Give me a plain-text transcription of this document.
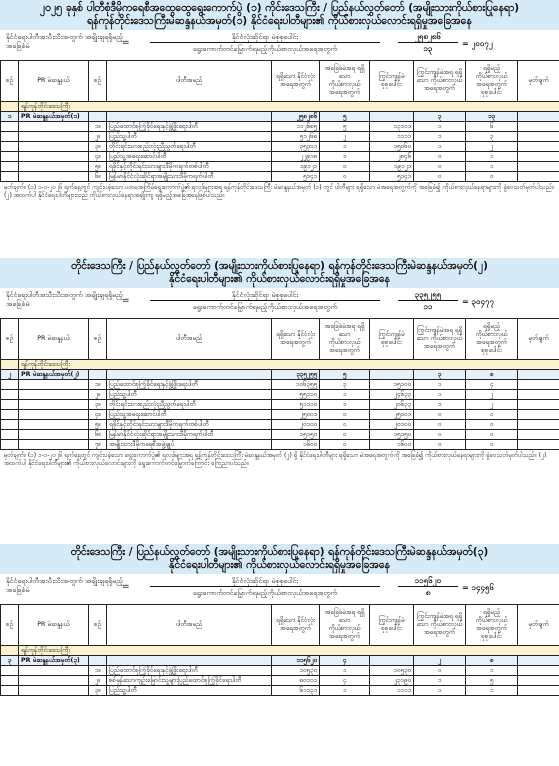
၂၀၂၅ ခုနှစ် ပါတီစုံဒီမိုကရေစီအထွေထွေရွေးကောက်ပွဲ (၁) ကိုင်းဒေသကြီး / ပြည်နယ်လွှတ်တော် (အမျိုးသားကိုယ်စားပြုနေရာ)
ရန်ကုန်တိုင်းဒေသကြီးမဲဆန္ဒနယ်အမှတ်(၁) နိုင်ငံရေးပါတီများ၏ ကိုယ်စားလှယ်လောင်းရရှိမှုအခြေအနေ
နိုင်ငံရေးပါတီအသီးသီးအတွက် အချိုးချရရှိမည့်အခြေခံမဲ	=
နိုင်ငံလုံးဆိုင်ရာ မဲစုစုပေါင်း
ရွေးကောက်တင်မြှောက်ရမည့်ကိုယ်စားလှယ်အရေအတွက်
၂၅၈၂၈၆
၁၃
= ၂၀၀၇၂
စဉ်	PR မဲဆန္ဒနယ်	စဉ်	ပါတီအမည်	ရရှိသော နိုင်ငံလုံး အရေအတွက်	အခြေခံမဲအရ ရရှိသော ကိုယ်စားလှယ် အရေအတွက်	ကြွင်းကျန်မဲ စုစုပေါင်း	ကြွင်းကျန်မဲအရ ရရှိသော ကိုယ်စားလှယ် အရေအတွက်	ရရှိမည့် ကိုယ်စားလှယ် အရေအတွက် စုစုပေါင်း	မှတ်ချက်
	ရန်ကုန်တိုင်းဒေသကြီး								
၁	PR မဲဆန္ဒနယ်အမှတ်(၁)			၂၅၈၂၈၆	၅		၃	၁၃	
		၁။	ပြည်ထောင်စုကြံ့ခိုင်ရေးနှင့်ဖွံ့ဖြိုးရေးပါတီ	၁၁၂၆၈၅	၅	၁၃၁၁၁	၁	၆	
		၂။	ပြည်သူ့ပါတီ	၅၁၂၆၈	၂	၁၁၁၁	၁	၃	
		၃။	တိုင်းရင်းသားစည်းလုံးညီညွတ်ရေးပါတီ	၃၅၃၁၁	၁	၁၅၀၆၀	၁	၂	
		၄။	ပြည်သူ့အရေးဆောင်ပါတီ	၂၂၉၁၈	၁	၂၈၄၆	၀	၁	
		၅။	ရခိုင်နှင့်တိုင်းရင်းသားများဒီမိုကရက်တစ်ပါတီ	၁၉၁၂၁	၀	၁၉၁၂၁	၀	၁	
		၆။	မြန်မာနိုင်ငံလုံးဆိုင်ရာအမျိုးသားဒီမိုကရက်ပါတီ	၅၁၄၁	၀	၅၁၄၁	၀	၀	
မှတ်ချက်။ (၁) ၁-၁-၂၀၂၆ ရက်နေ့တွင် ကျင်းပခဲ့သော ပထမအကြိမ်ရွေးကောက်ပွဲ၏ ရလဒ်များအရ ရန်ကုန်တိုင်းဒေသကြီး မဲဆန္ဒနယ်အမှတ် (၁) တွင် ပါတီများ ရရှိသော မဲအရေအတွက်ကို အခြေခံ၍ ကိုယ်စားလှယ်နေရာများကို ခွဲဝေသတ်မှတ်ပါသည်။ (၂) အထက်ပါ နိုင်ငံရေးပါတီများသည် ကိုယ်စားလှယ်နေရာအချိုးကျ ရရှိမည့်အခြေအနေဖြစ်ပါသည်။
တိုင်းဒေသကြီး / ပြည်နယ်လွှတ်တော် (အမျိုးသားကိုယ်စားပြုနေရာ) ရန်ကုန်တိုင်းဒေသကြီးမဲဆန္ဒနယ်အမှတ်(၂)
နိုင်ငံရေးပါတီများ၏ ကိုယ်စားလှယ်လောင်းရရှိမှုအခြေအနေ
နိုင်ငံရေးပါတီအသီးသီးအတွက် အချိုးချရရှိမည့်အခြေခံမဲ	=
နိုင်ငံလုံးဆိုင်ရာ မဲစုစုပေါင်း
ရွေးကောက်တင်မြှောက်ရမည့်ကိုယ်စားလှယ်အရေအတွက်
၃၃၅၂၅၅
၁၁
= ၃၀၄၇၇
စဉ်	PR မဲဆန္ဒနယ်	စဉ်	ပါတီအမည်	ရရှိသော နိုင်ငံလုံး အရေအတွက်	အခြေခံမဲအရ ရရှိသော ကိုယ်စားလှယ် အရေအတွက်	ကြွင်းကျန်မဲ စုစုပေါင်း	ကြွင်းကျန်မဲအရ ရရှိသော ကိုယ်စားလှယ် အရေအတွက်	ရရှိမည့် ကိုယ်စားလှယ် အရေအတွက် စုစုပေါင်း	မှတ်ချက်
	ရန်ကုန်တိုင်းဒေသကြီး								
၂	PR မဲဆန္ဒနယ်အမှတ်(၂)			၃၃၅၂၅၅	၅		၃	၈	
		၁။	ပြည်ထောင်စုကြံ့ခိုင်ရေးနှင့်ဖွံ့ဖြိုးရေးပါတီ	၁၀၆၃၅၅	၃	၁၅၁၀၀	၁	၄	
		၂။	ပြည်သူ့ပါတီ	၅၅၁၁၀	၁	၂၄၆၃၃	၁	၂	
		၃။	တိုင်းရင်းသားစည်းလုံးညီညွတ်ရေးပါတီ	၅၁၁၁၀	၁	၂၀၆၃၃	၁	၂	
		၄။	ပြည်သူ့အရေးဆောင်ပါတီ	၂၅၀၀၁	၀	၂၅၀၀၁	၀	၀	
		၅။	ရခိုင်နှင့်တိုင်းရင်းသားများဒီမိုကရက်တစ်ပါတီ	၂၀၁၀၀	၀	၂၀၁၀၀	၀	၀	
		၆။	မြန်မာနိုင်ငံလုံးဆိုင်ရာအမျိုးသားဒီမိုကရက်ပါတီ	၁၅၁၅၀	၀	၁၅၁၅၀	၀	၀	
		၇။	အမျိုးသားဒီမိုကရေစီအဖွဲ့ချုပ်	၁၆၀၀	၀	၁၆၀၀	၀	၀	
မှတ်ချက်။ (၁) ၁-၁-၂၀၂၆ ရက်နေ့တွင် ကျင်းပခဲ့သော ရွေးကောက်ပွဲ၏ ရလဒ်များအရ ရန်ကုန်တိုင်းဒေသကြီး မဲဆန္ဒနယ်အမှတ် (၂) ရှိ နိုင်ငံရေးပါတီများ ရရှိသော မဲအရေအတွက်ကို အခြေခံ၍ ကိုယ်စားလှယ်နေရာများကို ခွဲဝေသတ်မှတ်ပါသည်။ (၂) အထက်ပါ နိုင်ငံရေးပါတီများ၏ ကိုယ်စားလှယ်လောင်းများကို ရွေးကောက်တင်မြှောက်ကြောင်း ကြေညာပါသည်။
တိုင်းဒေသကြီး / ပြည်နယ်လွှတ်တော် (အမျိုးသားကိုယ်စားပြုနေရာ) ရန်ကုန်တိုင်းဒေသကြီးမဲဆန္ဒနယ်အမှတ်(၃)
နိုင်ငံရေးပါတီများ၏ ကိုယ်စားလှယ်လောင်းရရှိမှုအခြေအနေ
နိုင်ငံရေးပါတီအသီးသီးအတွက် အချိုးချရရှိမည့်အခြေခံမဲ	=
နိုင်ငံလုံးဆိုင်ရာ မဲစုစုပေါင်း
ရွေးကောက်တင်မြှောက်ရမည့်ကိုယ်စားလှယ်အရေအတွက်
၁၁၅၆၂၀
၈
= ၁၄၄၅၆
စဉ်	PR မဲဆန္ဒနယ်	စဉ်	ပါတီအမည်	ရရှိသော နိုင်ငံလုံး အရေအတွက်	အခြေခံမဲအရ ရရှိသော ကိုယ်စားလှယ် အရေအတွက်	ကြွင်းကျန်မဲ စုစုပေါင်း	ကြွင်းကျန်မဲအရ ရရှိသော ကိုယ်စားလှယ် အရေအတွက်	ရရှိမည့် ကိုယ်စားလှယ် အရေအတွက် စုစုပေါင်း	မှတ်ချက်
	ရန်ကုန်တိုင်းဒေသကြီး								
၃	PR မဲဆန္ဒနယ်အမှတ်(၃)			၁၁၅၆၂၀	၄		၂	၈	
		၁။	ပြည်ထောင်စုကြံ့ခိုင်ရေးနှင့်ဖွံ့ဖြိုးရေးပါတီ	၁၀၅၃၀	၁	၁၀၅၃၀	၀	၁	
		၂။	စစ်မှန်သောကျဉ်းမြောင်းသူများပြည်ထောင်စုကြံ့ခိုင်ရေးပါတီ	၈၀၁၁၁	၄	၂၃၁၉၀	၁	၅	
		၃။	ပြည်သူ့ပါတီ	၆၁၁၃၁	၁	၁၁၁၁	၁	၁	
